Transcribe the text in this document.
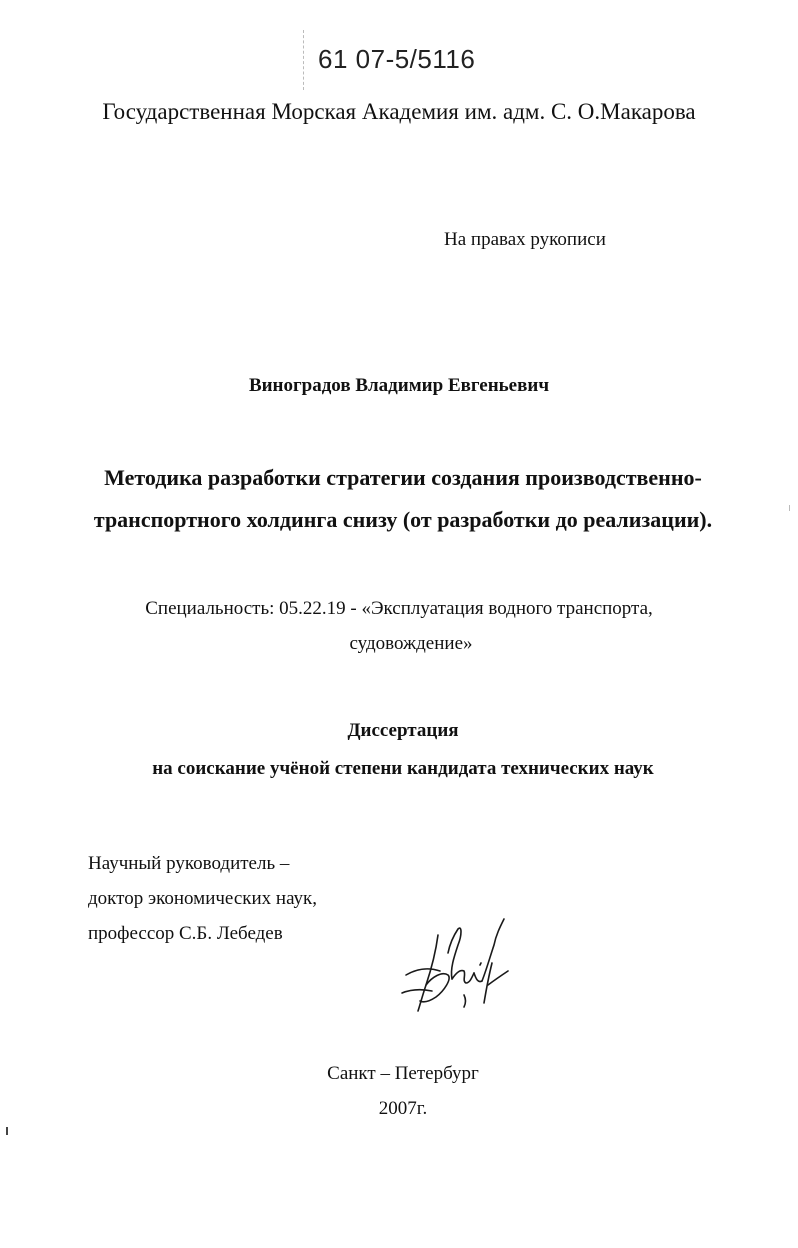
61 07-5/5116
Государственная Морская Академия им. адм. С. О.Макарова
На правах рукописи
Виноградов Владимир Евгеньевич
Методика разработки стратегии создания производственно-
транспортного холдинга снизу (от разработки до реализации).
Специальность: 05.22.19 - «Эксплуатация водного транспорта,
судовождение»
Диссертация
на соискание учёной степени кандидата технических наук
Научный руководитель –
доктор экономических наук,
профессор С.Б. Лебедев
Санкт – Петербург
2007г.
